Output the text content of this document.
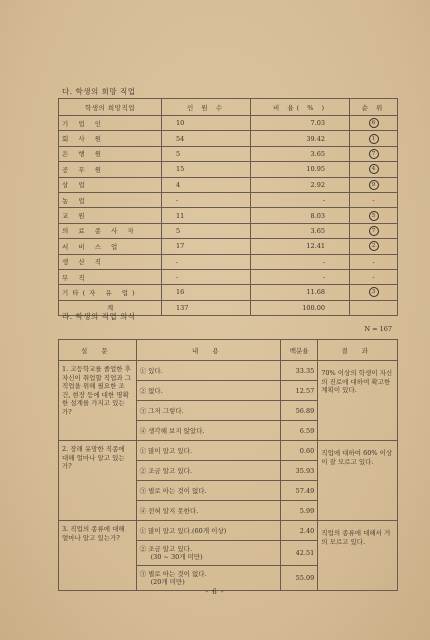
다. 학생의 희망 직업
학생의 희망직업	인 원 수	비 율( % )	순 위
기 업 인	10	7.03	6
회 사 원	54	39.42	1
은 행 원	5	3.65	7
공 무 원	15	10.95	4
상 업	4	2.92	9
농 업	-	-	-
교 원	11	8.03	5
의 료 종 사 자	5	3.65	7
서 비 스 업	17	12.41	2
생 산 직	-	-	-
무 직	-	-	-
기타(자 유 업)	16	11.68	3
계	137	100.00	
라. 학생의 직업 의식
N = 167
설 문	내 용	백분율	결 과
1. 고등학교를 졸업한 후 자신이 취업할 직업과 그 직업을 위해 필요한 조건, 현장 등에 대한 명확한 설계를 가지고 있는가?	① 있다.	33.35	70% 이상의 학생이 자신의 진로에 대하여 확고한 계획이 있다.
	② 없다.	12.57	
	③ 그저 그렇다.	56.89	
	④ 생각해 보지 않았다.	6.59	
2. 장래 유망한 직종에 대해 얼마나 알고 있는가?	① 많이 알고 있다.	0.60	직업에 대하여 60% 이상이 잘 모르고 있다.
	② 조금 알고 있다.	35.93	
	③ 별로 아는 것이 없다.	57.49	
	④ 전혀 알지 못한다.	5.99	
3. 직업의 종류에 대해 얼마나 알고 있는가?	① 많이 알고 있다.(60개 이상)	2.40	직업의 종류에 대해서 거의 모르고 있다.
	② 조금 알고 있다.
(30 ~ 30개 미만)	42.51	
	③ 별로 아는 것이 없다.
(20개 미만)	55.09	
- 6 -
